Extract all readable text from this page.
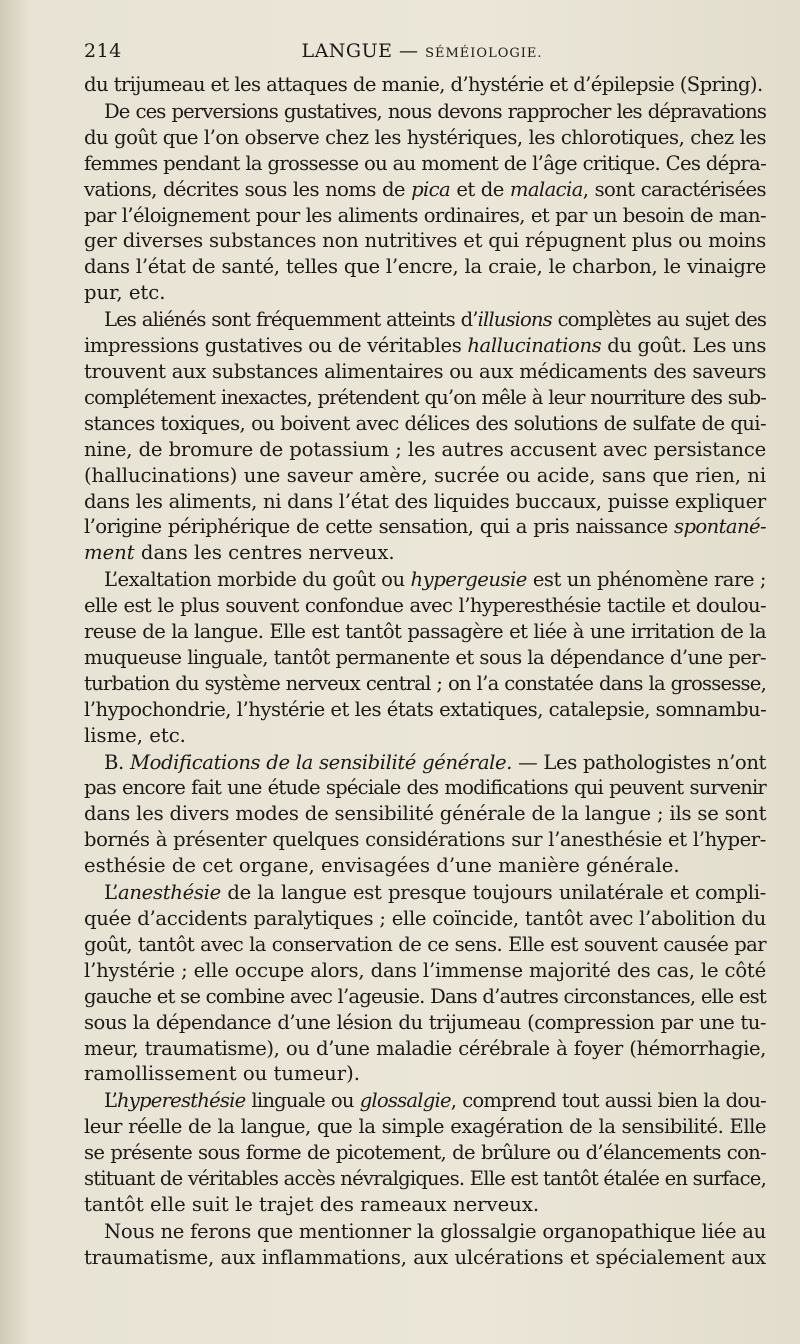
214	LANGUE — SÉMÉIOLOGIE.
du trijumeau et les attaques de manie, d’hystérie et d’épilepsie (Spring).
De ces perversions gustatives, nous devons rapprocher les dépravations
du goût que l’on observe chez les hystériques, les chlorotiques, chez les
femmes pendant la grossesse ou au moment de l’âge critique. Ces dépra-
vations, décrites sous les noms de pica et de malacia, sont caractérisées
par l’éloignement pour les aliments ordinaires, et par un besoin de man-
ger diverses substances non nutritives et qui répugnent plus ou moins
dans l’état de santé, telles que l’encre, la craie, le charbon, le vinaigre
pur, etc.
Les aliénés sont fréquemment atteints d’illusions complètes au sujet des
impressions gustatives ou de véritables hallucinations du goût. Les uns
trouvent aux substances alimentaires ou aux médicaments des saveurs
complétement inexactes, prétendent qu’on mêle à leur nourriture des sub-
stances toxiques, ou boivent avec délices des solutions de sulfate de qui-
nine, de bromure de potassium ; les autres accusent avec persistance
(hallucinations) une saveur amère, sucrée ou acide, sans que rien, ni
dans les aliments, ni dans l’état des liquides buccaux, puisse expliquer
l’origine périphérique de cette sensation, qui a pris naissance spontané-
ment dans les centres nerveux.
L’exaltation morbide du goût ou hypergeusie est un phénomène rare ;
elle est le plus souvent confondue avec l’hyperesthésie tactile et doulou-
reuse de la langue. Elle est tantôt passagère et liée à une irritation de la
muqueuse linguale, tantôt permanente et sous la dépendance d’une per-
turbation du système nerveux central ; on l’a constatée dans la grossesse,
l’hypochondrie, l’hystérie et les états extatiques, catalepsie, somnambu-
lisme, etc.
B. Modifications de la sensibilité générale. — Les pathologistes n’ont
pas encore fait une étude spéciale des modifications qui peuvent survenir
dans les divers modes de sensibilité générale de la langue ; ils se sont
bornés à présenter quelques considérations sur l’anesthésie et l’hyper-
esthésie de cet organe, envisagées d’une manière générale.
L’anesthésie de la langue est presque toujours unilatérale et compli-
quée d’accidents paralytiques ; elle coïncide, tantôt avec l’abolition du
goût, tantôt avec la conservation de ce sens. Elle est souvent causée par
l’hystérie ; elle occupe alors, dans l’immense majorité des cas, le côté
gauche et se combine avec l’ageusie. Dans d’autres circonstances, elle est
sous la dépendance d’une lésion du trijumeau (compression par une tu-
meur, traumatisme), ou d’une maladie cérébrale à foyer (hémorrhagie,
ramollissement ou tumeur).
L’hyperesthésie linguale ou glossalgie, comprend tout aussi bien la dou-
leur réelle de la langue, que la simple exagération de la sensibilité. Elle
se présente sous forme de picotement, de brûlure ou d’élancements con-
stituant de véritables accès névralgiques. Elle est tantôt étalée en surface,
tantôt elle suit le trajet des rameaux nerveux.
Nous ne ferons que mentionner la glossalgie organopathique liée au
traumatisme, aux inflammations, aux ulcérations et spécialement aux
